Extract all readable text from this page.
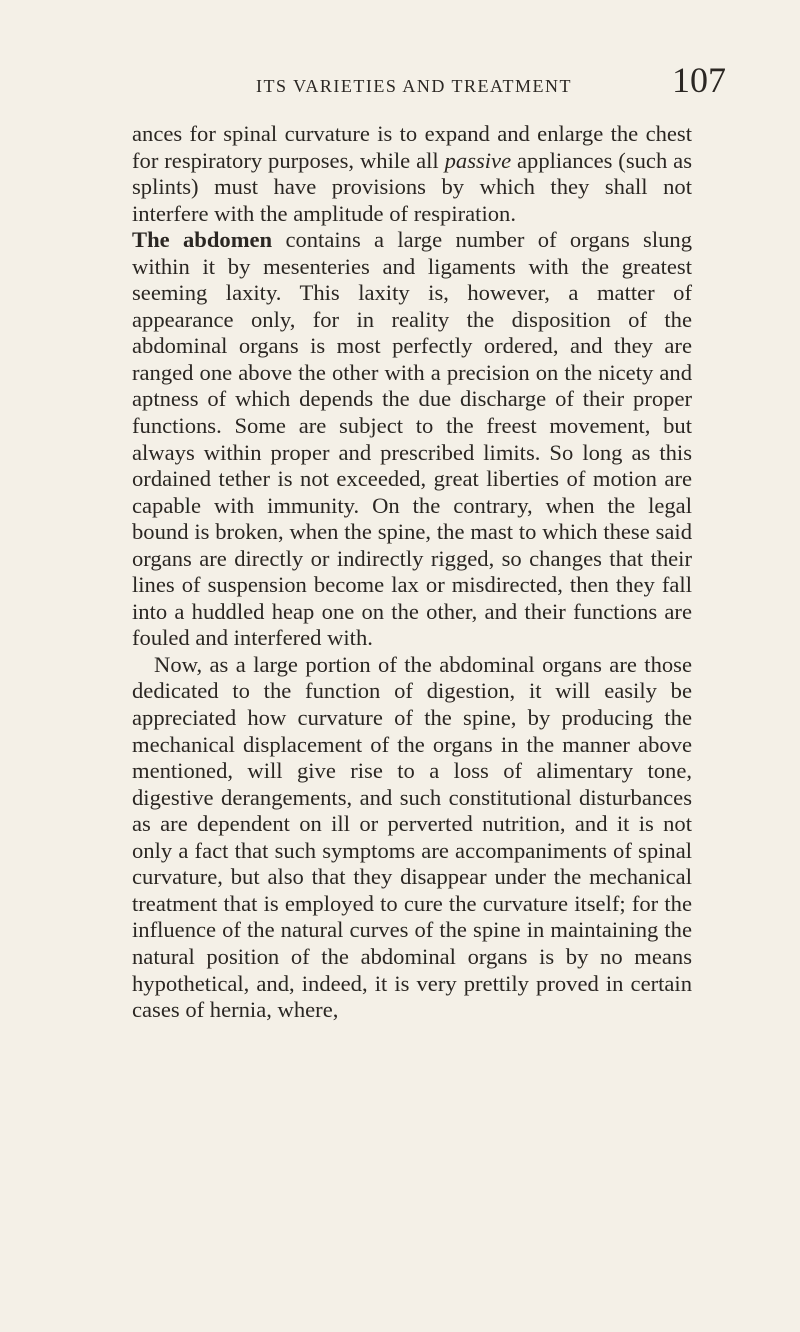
ITS VARIETIES AND TREATMENT	107

ances for spinal curvature is to expand and enlarge the chest for respiratory purposes, while all passive appliances (such as splints) must have provisions by which they shall not interfere with the amplitude of respiration.

The abdomen contains a large number of organs slung within it by mesenteries and ligaments with the greatest seeming laxity. This laxity is, however, a matter of appearance only, for in reality the disposition of the abdominal organs is most perfectly ordered, and they are ranged one above the other with a precision on the nicety and aptness of which depends the due discharge of their proper functions. Some are subject to the freest movement, but always within proper and prescribed limits. So long as this ordained tether is not exceeded, great liberties of motion are capable with immunity. On the contrary, when the legal bound is broken, when the spine, the mast to which these said organs are directly or indirectly rigged, so changes that their lines of suspension become lax or misdirected, then they fall into a huddled heap one on the other, and their functions are fouled and interfered with.

Now, as a large portion of the abdominal organs are those dedicated to the function of digestion, it will easily be appreciated how curvature of the spine, by producing the mechanical displacement of the organs in the manner above mentioned, will give rise to a loss of alimentary tone, digestive derangements, and such constitutional disturbances as are dependent on ill or perverted nutrition, and it is not only a fact that such symptoms are accompaniments of spinal curvature, but also that they disappear under the mechanical treatment that is employed to cure the curvature itself; for the influence of the natural curves of the spine in maintaining the natural position of the abdominal organs is by no means hypothetical, and, indeed, it is very prettily proved in certain cases of hernia, where,
